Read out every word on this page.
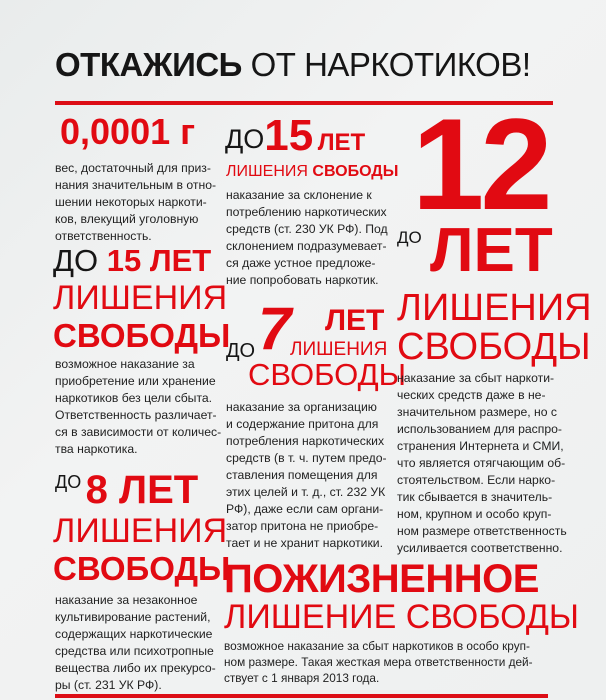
ОТКАЖИСЬ ОТ НАРКОТИКОВ!
0,0001 г
вес, достаточный для приз-
нания значительным в отно-
шении некоторых наркоти-
ков, влекущий уголовную
ответственность.
ДО 15 ЛЕТ
ЛИШЕНИЯ
СВОБОДЫ
возможное наказание за
приобретение или хранение
наркотиков без цели сбыта.
Ответственность различает-
ся в зависимости от количес-
тва наркотика.
ДО 8 ЛЕТ
ЛИШЕНИЯ
СВОБОДЫ
наказание за незаконное
культивирование растений,
содержащих наркотические
средства или психотропные
вещества либо их прекурсо-
ры (ст. 231 УК РФ).
ДО15 ЛЕТ
ЛИШЕНИЯ СВОБОДЫ
наказание за склонение к
потреблению наркотических
средств (ст. 230 УК РФ). Под
склонением подразумевает-
ся даже устное предложе-
ние попробовать наркотик.
ДО 7 ЛЕТ
ЛИШЕНИЯ
СВОБОДЫ
наказание за организацию
и содержание притона для
потребления наркотических
средств (в т. ч. путем предо-
ставления помещения для
этих целей и т. д., ст. 232 УК
РФ), даже если сам органи-
затор притона не приобре-
тает и не хранит наркотики.
12
ДО ЛЕТ
ЛИШЕНИЯ
СВОБОДЫ
наказание за сбыт наркоти-
ческих средств даже в не-
значительном размере, но с
использованием для распро-
странения Интернета и СМИ,
что является отягчающим об-
стоятельством. Если нарко-
тик сбывается в значитель-
ном, крупном и особо круп-
ном размере ответственность
усиливается соответственно.
ПОЖИЗНЕННОЕ
ЛИШЕНИЕ СВОБОДЫ
возможное наказание за сбыт наркотиков в особо круп-
ном размере. Такая жесткая мера ответственности дей-
ствует с 1 января 2013 года.
